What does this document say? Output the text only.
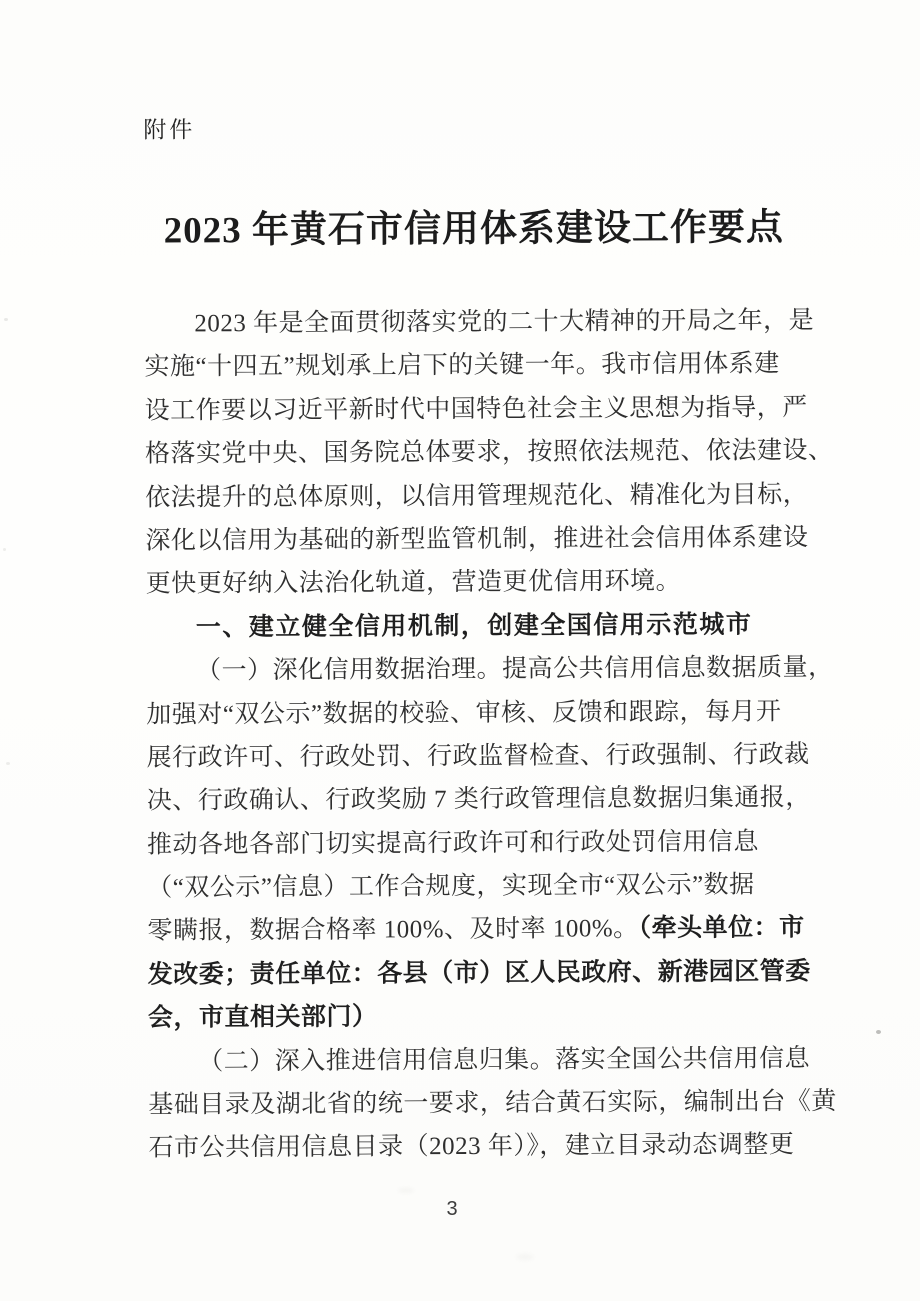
附件
2023 年黄石市信用体系建设工作要点
2023 年是全面贯彻落实党的二十大精神的开局之年，是
实施“十四五”规划承上启下的关键一年。我市信用体系建
设工作要以习近平新时代中国特色社会主义思想为指导，严
格落实党中央、国务院总体要求，按照依法规范、依法建设、
依法提升的总体原则，以信用管理规范化、精准化为目标，
深化以信用为基础的新型监管机制，推进社会信用体系建设
更快更好纳入法治化轨道，营造更优信用环境。
一、建立健全信用机制，创建全国信用示范城市
（一）深化信用数据治理。提高公共信用信息数据质量，
加强对“双公示”数据的校验、审核、反馈和跟踪，每月开
展行政许可、行政处罚、行政监督检查、行政强制、行政裁
决、行政确认、行政奖励 7 类行政管理信息数据归集通报，
推动各地各部门切实提高行政许可和行政处罚信用信息
（“双公示”信息）工作合规度，实现全市“双公示”数据
零瞒报，数据合格率 100%、及时率 100%。（牵头单位：市
发改委；责任单位：各县（市）区人民政府、新港园区管委
会，市直相关部门）
（二）深入推进信用信息归集。落实全国公共信用信息
基础目录及湖北省的统一要求，结合黄石实际，编制出台《黄
石市公共信用信息目录（2023 年）》，建立目录动态调整更
3
